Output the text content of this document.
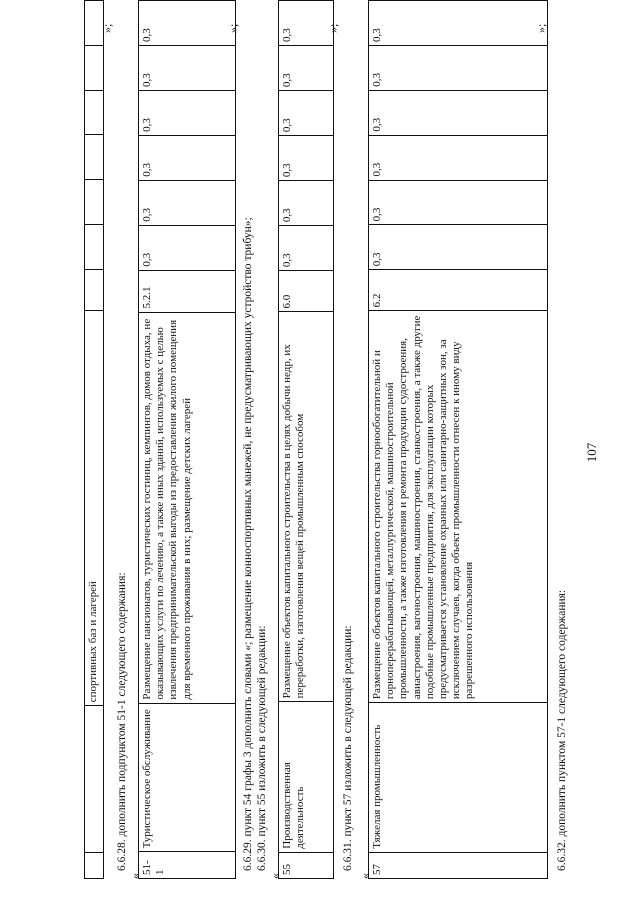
107
		спортивных баз и лагерей							
»;
6.6.28. дополнить подпунктом 51-1 следующего содержания:
«
51-1	Туристическое обслуживание	Размещение пансионатов, туристических гостиниц, кемпингов, домов отдыха, не оказывающих услуги по лечению, а также иных зданий, используемых с целью извлечения предпринимательской выгоды из предоставления жилого помещения для временного проживания в них; размещение детских лагерей	5.2.1	0,3	0,3	0,3	0,3	0,3	0,3	»;
6.6.29. пункт 54 графы 3 дополнить словами «; размещение конноспортивных манежей, не предусматривающих устройство трибун»; 6.6.30. пункт 55 изложить в следующей редакции:
«
55	Производственная деятельность	Размещение объектов капитального строительства в целях добычи недр, их переработки, изготовления вещей промышленным способом	6.0	0,3	0,3	0,3	0,3	0,3	0,3	»;
6.6.31. пункт 57 изложить в следующей редакции:
«
57	Тяжелая промышленность	Размещение объектов капитального строительства горнообогатительной и горноперерабатывающей, металлургической, машиностроительной промышленности, а также изготовления и ремонта продукции судостроения, авиастроения, вагоностроения, машиностроения, станкостроения, а также другие подобные промышленные предприятия, для эксплуатации которых предусматривается установление охранных или санитарно-защитных зон, за исключением случаев, когда объект промышленности отнесен к иному виду разрешенного использования	6.2	0,3	0,3	0,3	0,3	0,3	0,3	»;
6.6.32. дополнить пунктом 57-1 следующего содержания:
